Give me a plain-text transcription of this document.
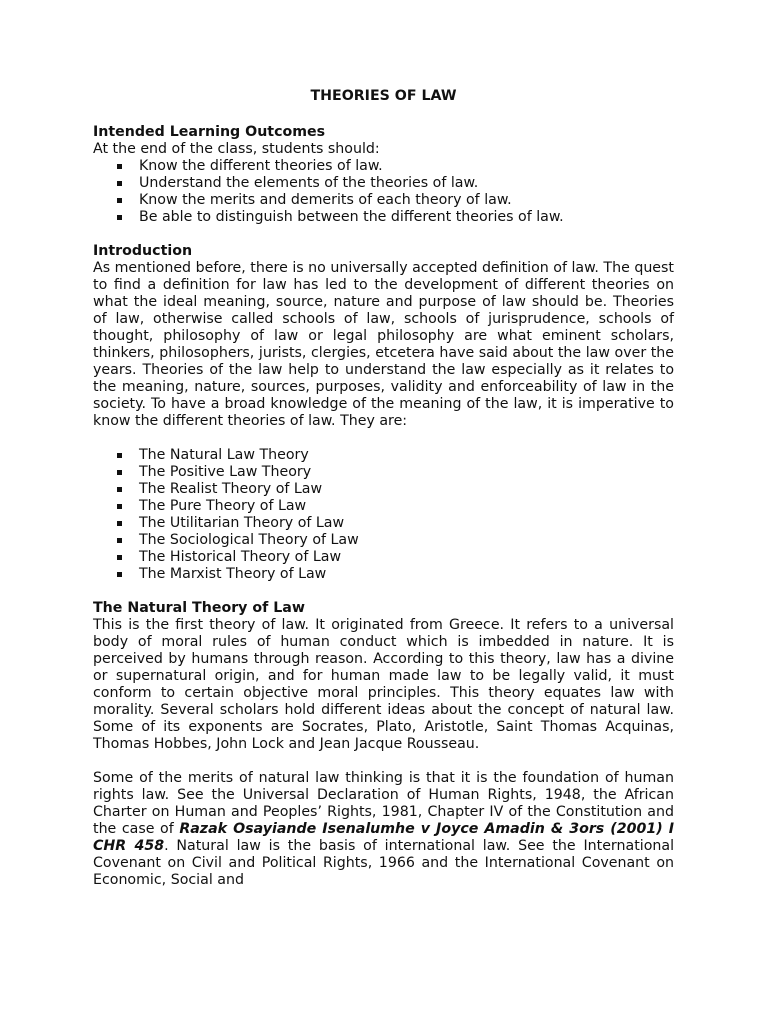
THEORIES OF LAW
Intended Learning Outcomes

At the end of the class, students should:

Know the different theories of law.
Understand the elements of the theories of law.
Know the merits and demerits of each theory of law.
Be able to distinguish between the different theories of law.
Introduction

As mentioned before, there is no universally accepted definition of law. The quest to find a definition for law has led to the development of different theories on what the ideal meaning, source, nature and purpose of law should be. Theories of law, otherwise called schools of law, schools of jurisprudence, schools of thought, philosophy of law or legal philosophy are what eminent scholars, thinkers, philosophers, jurists, clergies, etcetera have said about the law over the years. Theories of the law help to understand the law especially as it relates to the meaning, nature, sources, purposes, validity and enforceability of law in the society. To have a broad knowledge of the meaning of the law, it is imperative to know the different theories of law. They are:

The Natural Law Theory
The Positive Law Theory
The Realist Theory of Law
The Pure Theory of Law
The Utilitarian Theory of Law
The Sociological Theory of Law
The Historical Theory of Law
The Marxist Theory of Law
The Natural Theory of Law

This is the first theory of law. It originated from Greece. It refers to a universal body of moral rules of human conduct which is imbedded in nature. It is perceived by humans through reason. According to this theory, law has a divine or supernatural origin, and for human made law to be legally valid, it must conform to certain objective moral principles. This theory equates law with morality. Several scholars hold different ideas about the concept of natural law. Some of its exponents are Socrates, Plato, Aristotle, Saint Thomas Acquinas, Thomas Hobbes, John Lock and Jean Jacque Rousseau.

Some of the merits of natural law thinking is that it is the foundation of human rights law. See the Universal Declaration of Human Rights, 1948, the African Charter on Human and Peoples’ Rights, 1981, Chapter IV of the Constitution and the case of Razak Osayiande Isenalumhe v Joyce Amadin & 3ors (2001) I CHR 458. Natural law is the basis of international law. See the International Covenant on Civil and Political Rights, 1966 and the International Covenant on Economic, Social and
